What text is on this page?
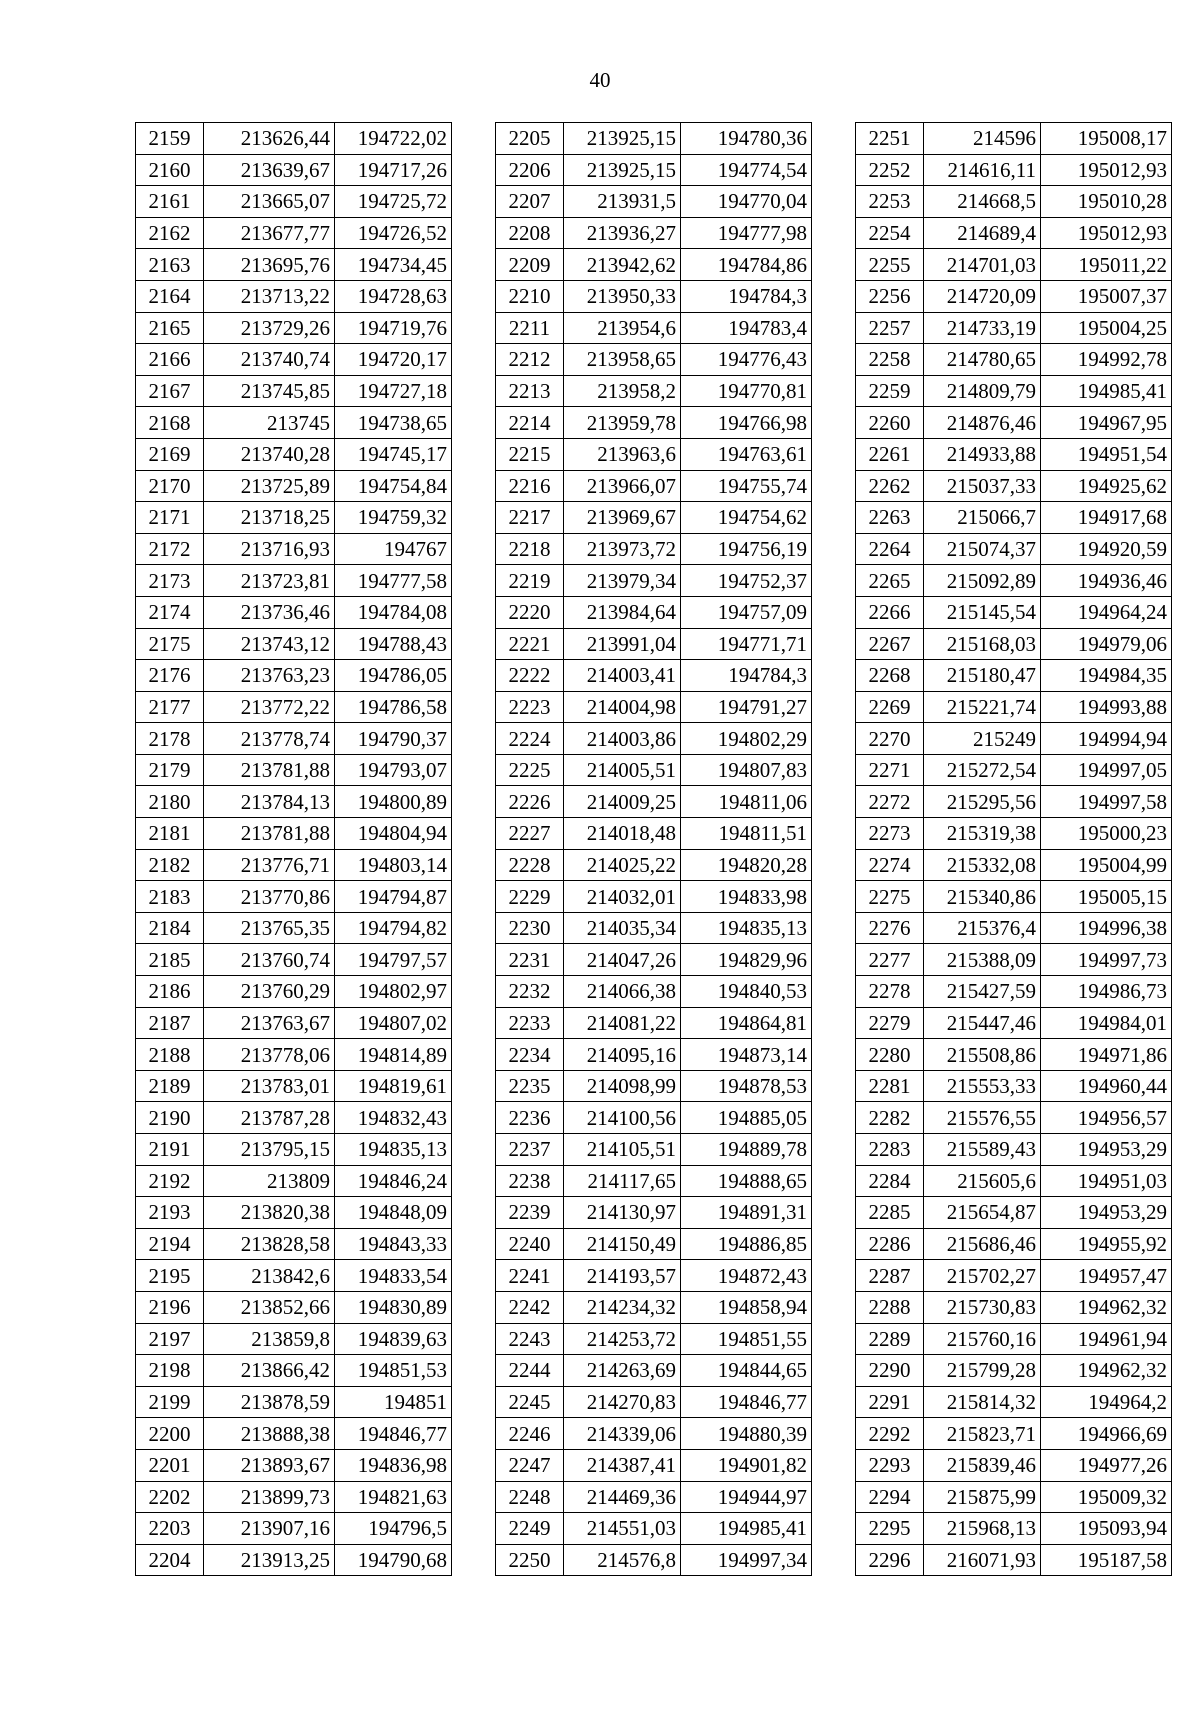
40
2159	213626,44	194722,02
2160	213639,67	194717,26
2161	213665,07	194725,72
2162	213677,77	194726,52
2163	213695,76	194734,45
2164	213713,22	194728,63
2165	213729,26	194719,76
2166	213740,74	194720,17
2167	213745,85	194727,18
2168	213745	194738,65
2169	213740,28	194745,17
2170	213725,89	194754,84
2171	213718,25	194759,32
2172	213716,93	194767
2173	213723,81	194777,58
2174	213736,46	194784,08
2175	213743,12	194788,43
2176	213763,23	194786,05
2177	213772,22	194786,58
2178	213778,74	194790,37
2179	213781,88	194793,07
2180	213784,13	194800,89
2181	213781,88	194804,94
2182	213776,71	194803,14
2183	213770,86	194794,87
2184	213765,35	194794,82
2185	213760,74	194797,57
2186	213760,29	194802,97
2187	213763,67	194807,02
2188	213778,06	194814,89
2189	213783,01	194819,61
2190	213787,28	194832,43
2191	213795,15	194835,13
2192	213809	194846,24
2193	213820,38	194848,09
2194	213828,58	194843,33
2195	213842,6	194833,54
2196	213852,66	194830,89
2197	213859,8	194839,63
2198	213866,42	194851,53
2199	213878,59	194851
2200	213888,38	194846,77
2201	213893,67	194836,98
2202	213899,73	194821,63
2203	213907,16	194796,5
2204	213913,25	194790,68
2205	213925,15	194780,36
2206	213925,15	194774,54
2207	213931,5	194770,04
2208	213936,27	194777,98
2209	213942,62	194784,86
2210	213950,33	194784,3
2211	213954,6	194783,4
2212	213958,65	194776,43
2213	213958,2	194770,81
2214	213959,78	194766,98
2215	213963,6	194763,61
2216	213966,07	194755,74
2217	213969,67	194754,62
2218	213973,72	194756,19
2219	213979,34	194752,37
2220	213984,64	194757,09
2221	213991,04	194771,71
2222	214003,41	194784,3
2223	214004,98	194791,27
2224	214003,86	194802,29
2225	214005,51	194807,83
2226	214009,25	194811,06
2227	214018,48	194811,51
2228	214025,22	194820,28
2229	214032,01	194833,98
2230	214035,34	194835,13
2231	214047,26	194829,96
2232	214066,38	194840,53
2233	214081,22	194864,81
2234	214095,16	194873,14
2235	214098,99	194878,53
2236	214100,56	194885,05
2237	214105,51	194889,78
2238	214117,65	194888,65
2239	214130,97	194891,31
2240	214150,49	194886,85
2241	214193,57	194872,43
2242	214234,32	194858,94
2243	214253,72	194851,55
2244	214263,69	194844,65
2245	214270,83	194846,77
2246	214339,06	194880,39
2247	214387,41	194901,82
2248	214469,36	194944,97
2249	214551,03	194985,41
2250	214576,8	194997,34
2251	214596	195008,17
2252	214616,11	195012,93
2253	214668,5	195010,28
2254	214689,4	195012,93
2255	214701,03	195011,22
2256	214720,09	195007,37
2257	214733,19	195004,25
2258	214780,65	194992,78
2259	214809,79	194985,41
2260	214876,46	194967,95
2261	214933,88	194951,54
2262	215037,33	194925,62
2263	215066,7	194917,68
2264	215074,37	194920,59
2265	215092,89	194936,46
2266	215145,54	194964,24
2267	215168,03	194979,06
2268	215180,47	194984,35
2269	215221,74	194993,88
2270	215249	194994,94
2271	215272,54	194997,05
2272	215295,56	194997,58
2273	215319,38	195000,23
2274	215332,08	195004,99
2275	215340,86	195005,15
2276	215376,4	194996,38
2277	215388,09	194997,73
2278	215427,59	194986,73
2279	215447,46	194984,01
2280	215508,86	194971,86
2281	215553,33	194960,44
2282	215576,55	194956,57
2283	215589,43	194953,29
2284	215605,6	194951,03
2285	215654,87	194953,29
2286	215686,46	194955,92
2287	215702,27	194957,47
2288	215730,83	194962,32
2289	215760,16	194961,94
2290	215799,28	194962,32
2291	215814,32	194964,2
2292	215823,71	194966,69
2293	215839,46	194977,26
2294	215875,99	195009,32
2295	215968,13	195093,94
2296	216071,93	195187,58
